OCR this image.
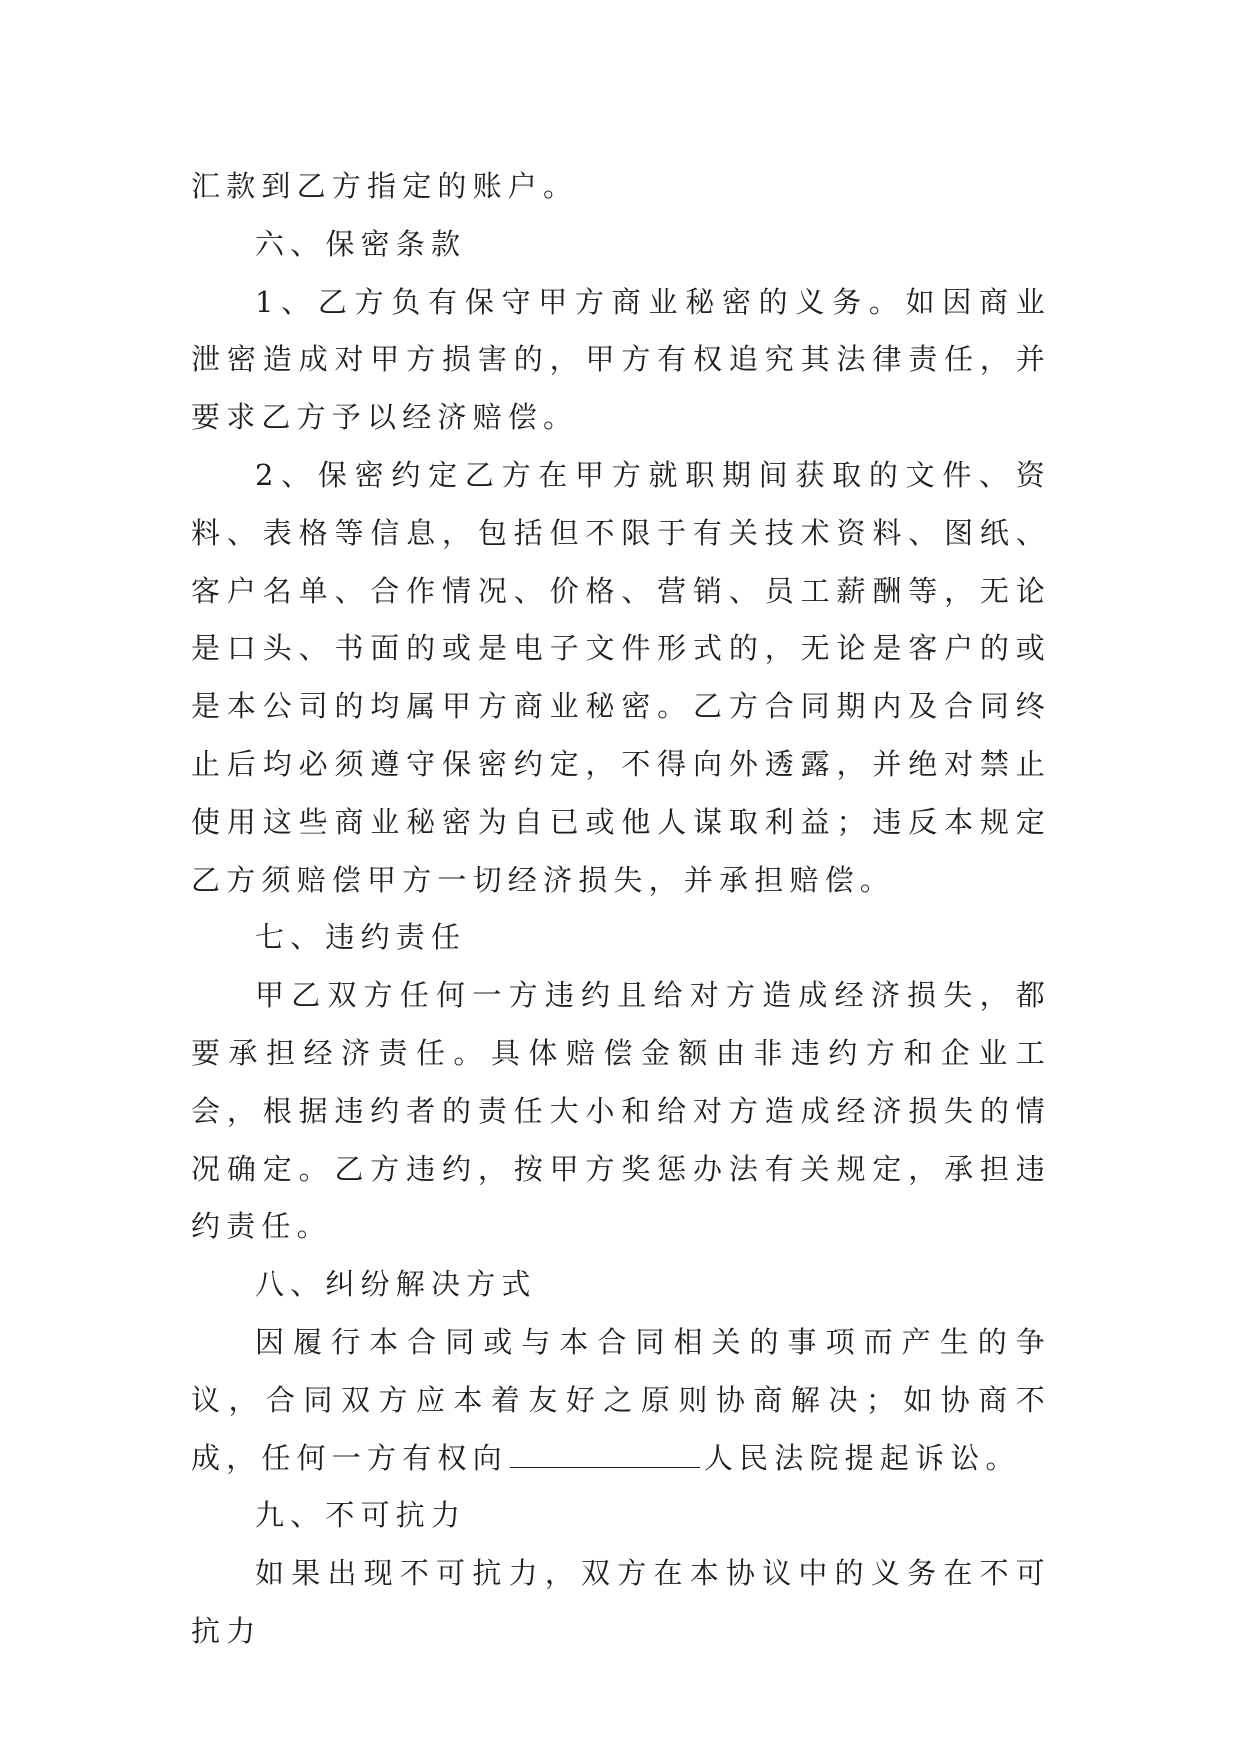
汇款到乙方指定的账户。

六、保密条款

1、乙方负有保守甲方商业秘密的义务。如因商业泄密造成对甲方损害的，甲方有权追究其法律责任，并要求乙方予以经济赔偿。

2、保密约定乙方在甲方就职期间获取的文件、资料、表格等信息，包括但不限于有关技术资料、图纸、客户名单、合作情况、价格、营销、员工薪酬等，无论是口头、书面的或是电子文件形式的，无论是客户的或是本公司的均属甲方商业秘密。乙方合同期内及合同终止后均必须遵守保密约定，不得向外透露，并绝对禁止使用这些商业秘密为自已或他人谋取利益；违反本规定乙方须赔偿甲方一切经济损失，并承担赔偿。

七、违约责任

甲乙双方任何一方违约且给对方造成经济损失，都要承担经济责任。具体赔偿金额由非违约方和企业工会，根据违约者的责任大小和给对方造成经济损失的情况确定。乙方违约，按甲方奖惩办法有关规定，承担违约责任。

八、纠纷解决方式

因履行本合同或与本合同相关的事项而产生的争议，合同双方应本着友好之原则协商解决；如协商不成，任何一方有权向	人民法院提起诉讼。

九、不可抗力

如果出现不可抗力，双方在本协议中的义务在不可抗力
